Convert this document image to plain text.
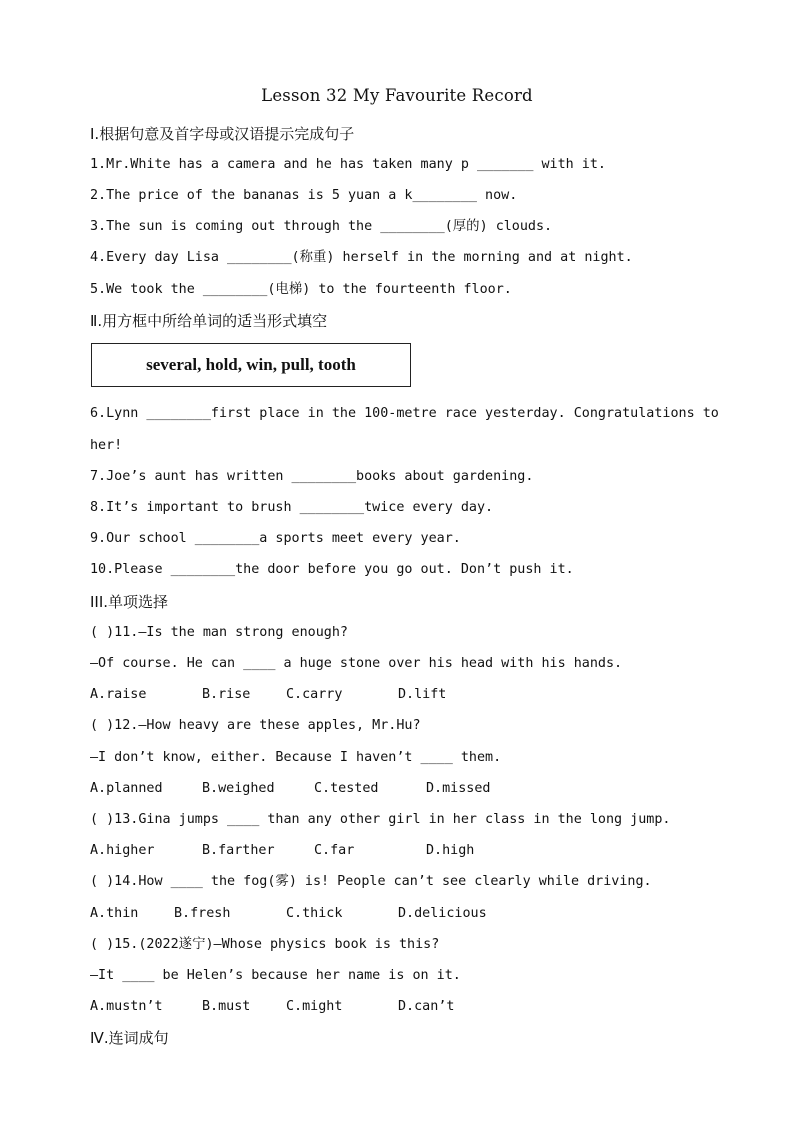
Lesson 32 My Favourite Record
Ⅰ.根据句意及首字母或汉语提示完成句子
1.Mr.White has a camera and he has taken many p _______ with it.
2.The price of the bananas is 5 yuan a k________ now.
3.The sun is coming out through the ________(厚的) clouds.
4.Every day Lisa ________(称重) herself in the morning and at night.
5.We took the ________(电梯) to the fourteenth floor.
Ⅱ.用方框中所给单词的适当形式填空
several, hold, win, pull, tooth
6.Lynn ________first place in the 100-metre race yesterday. Congratulations to
her!
7.Joe’s aunt has written ________books about gardening.
8.It’s important to brush ________twice every day.
9.Our school ________a sports meet every year.
10.Please ________the door before you go out. Don’t push it.
III.单项选择
( )11.—Is the man strong enough?
—Of course. He can ____ a huge stone over his head with his hands.
A.raise	B.rise	C.carry	D.lift
( )12.—How heavy are these apples, Mr.Hu?
—I don’t know, either. Because I haven’t ____ them.
A.planned	B.weighed	C.tested	D.missed
( )13.Gina jumps ____ than any other girl in her class in the long jump.
A.higher	B.farther	C.far	D.high
( )14.How ____ the fog(雾) is! People can’t see clearly while driving.
A.thin	B.fresh	C.thick	D.delicious
( )15.(2022遂宁)—Whose physics book is this?
—It ____ be Helen’s because her name is on it.
A.mustn’t	B.must	C.might	D.can’t
Ⅳ.连词成句
